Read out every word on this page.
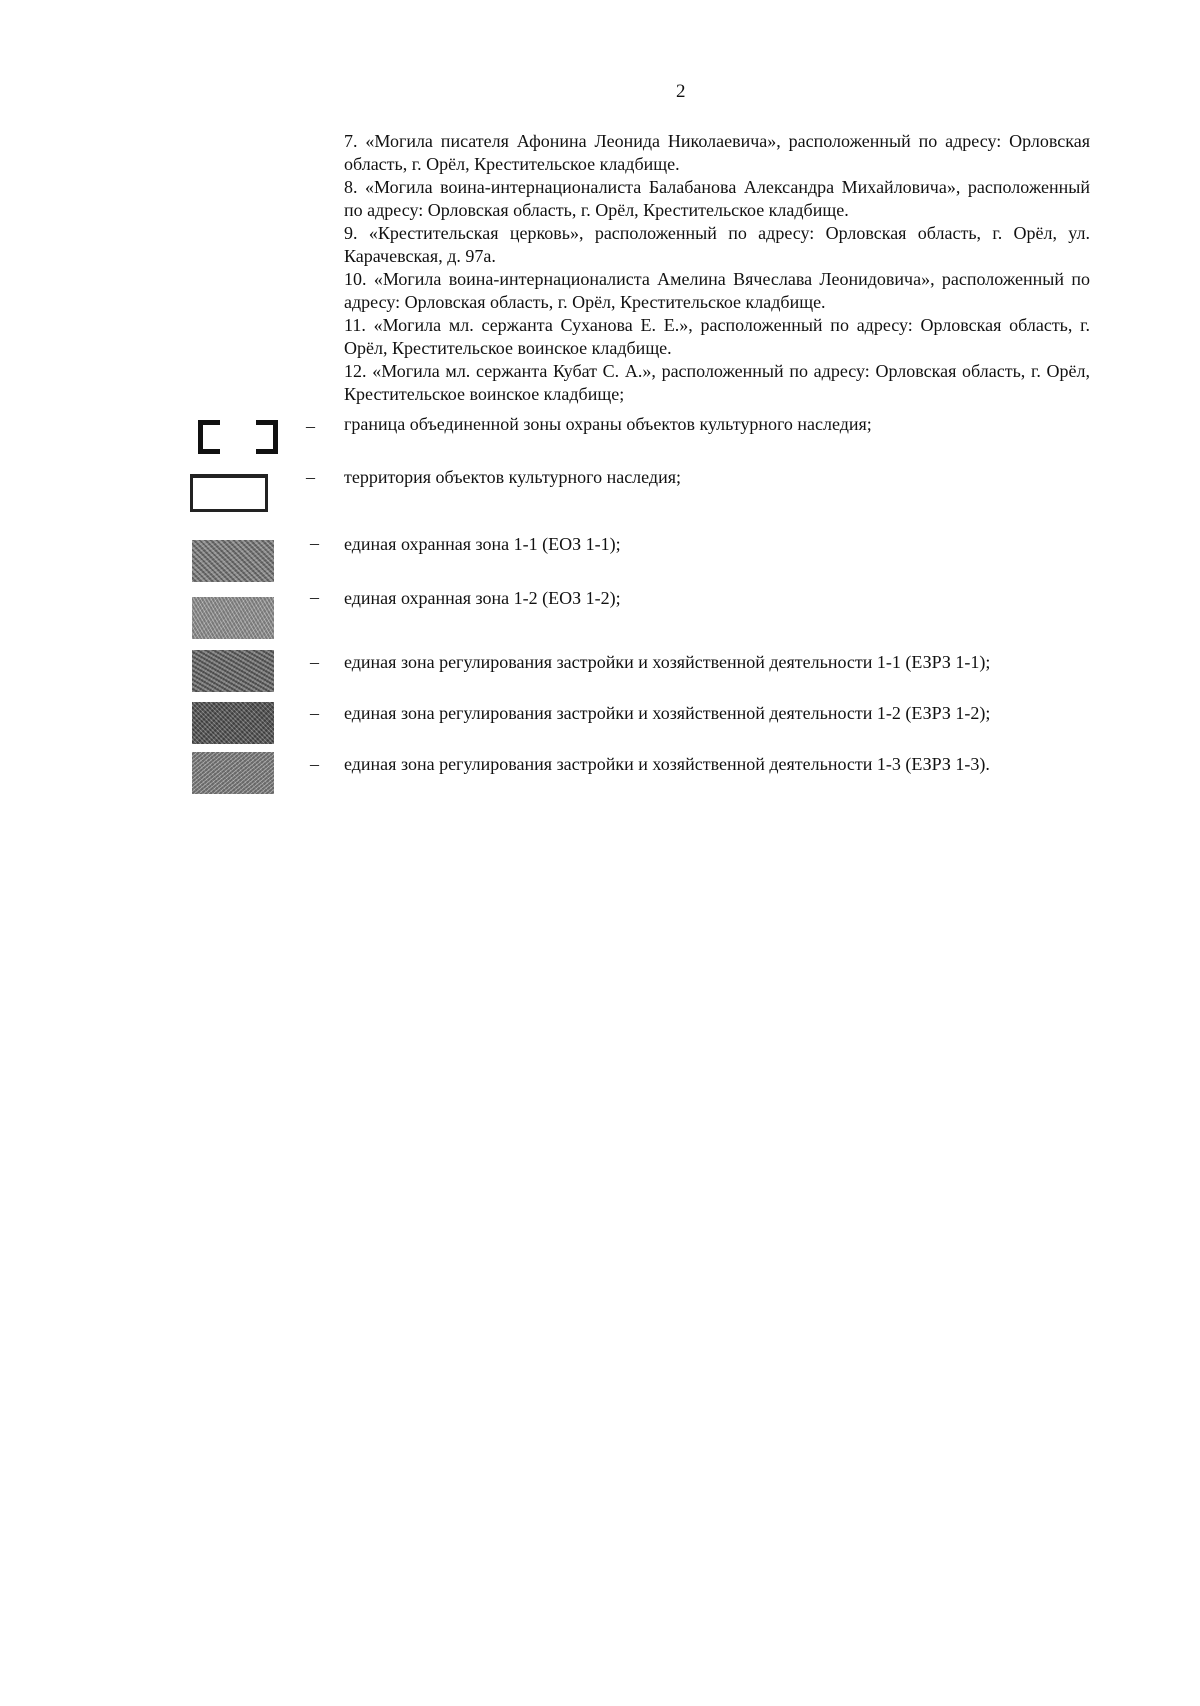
2

7. «Могила писателя Афонина Леонида Николаевича», расположенный по адресу: Орловская область, г. Орёл, Крестительское кладбище.

8. «Могила воина-интернационалиста Балабанова Александра Михайловича», расположенный по адресу: Орловская область, г. Орёл, Крестительское кладбище.

9. «Крестительская церковь», расположенный по адресу: Орловская область, г. Орёл, ул. Карачевская, д. 97а.

10. «Могила воина-интернационалиста Амелина Вячеслава Леонидовича», расположенный по адресу: Орловская область, г. Орёл, Крестительское кладбище.

11. «Могила мл. сержанта Суханова Е. Е.», расположенный по адресу: Орловская область, г. Орёл, Крестительское воинское кладбище.

12. «Могила мл. сержанта Кубат С. А.», расположенный по адресу: Орловская область, г. Орёл, Крестительское воинское кладбище;

– граница объединенной зоны охраны объектов культурного наследия;
– территория объектов культурного наследия;
– единая охранная зона 1-1 (ЕОЗ 1-1);
– единая охранная зона 1-2 (ЕОЗ 1-2);
– единая зона регулирования застройки и хозяйственной деятельности 1-1 (ЕЗРЗ 1-1);
– единая зона регулирования застройки и хозяйственной деятельности 1-2 (ЕЗРЗ 1-2);
– единая зона регулирования застройки и хозяйственной деятельности 1-3 (ЕЗРЗ 1-3).
